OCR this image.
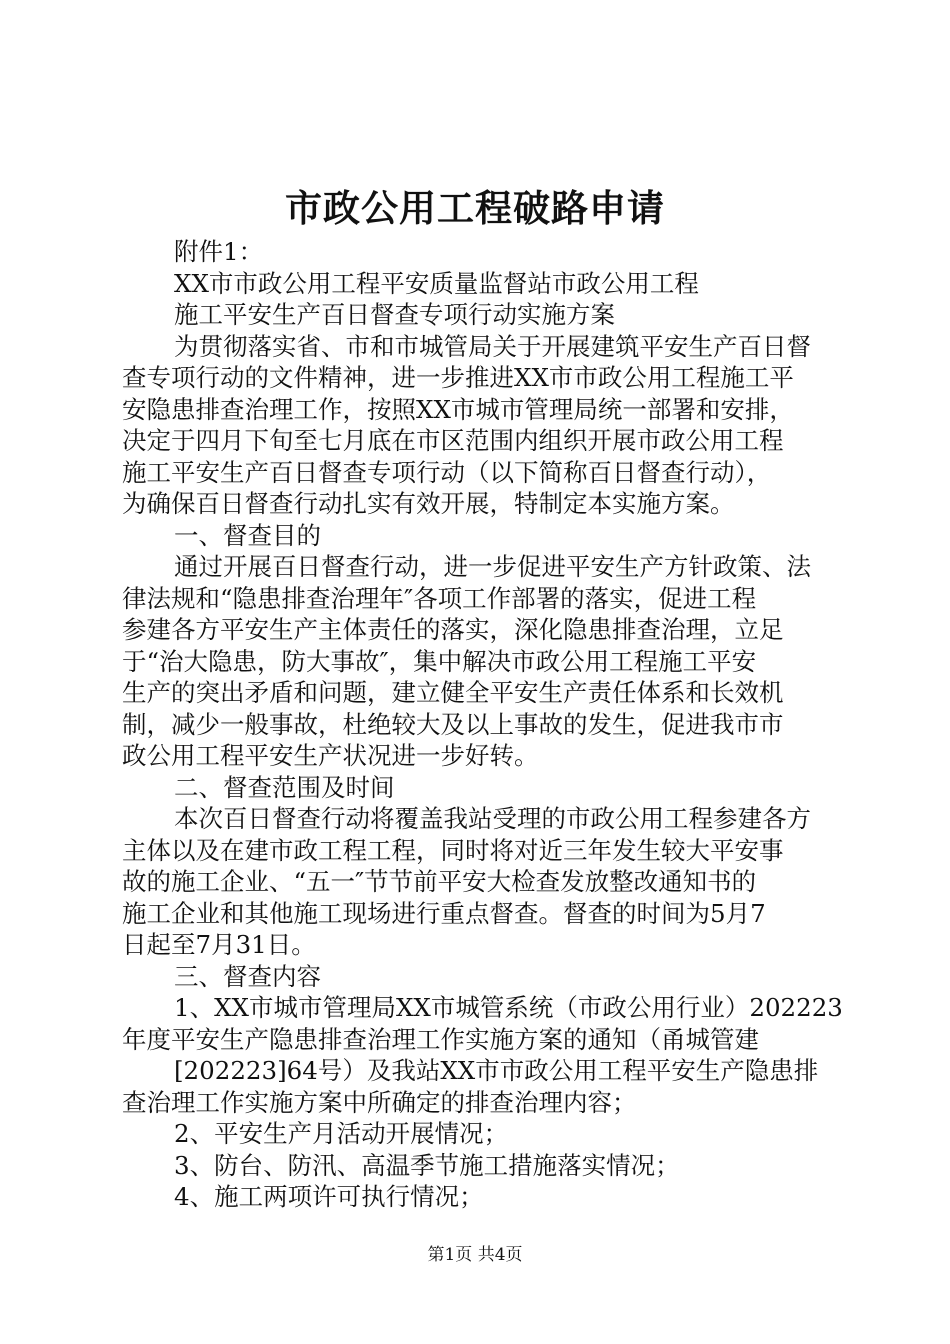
市政公用工程破路申请
附件1：
XX市市政公用工程平安质量监督站市政公用工程
施工平安生产百日督查专项行动实施方案
为贯彻落实省、市和市城管局关于开展建筑平安生产百日督
查专项行动的文件精神，进一步推进XX市市政公用工程施工平
安隐患排查治理工作，按照XX市城市管理局统一部署和安排，
决定于四月下旬至七月底在市区范围内组织开展市政公用工程
施工平安生产百日督查专项行动（以下简称百日督查行动），
为确保百日督查行动扎实有效开展，特制定本实施方案。
一、督查目的
通过开展百日督查行动，进一步促进平安生产方针政策、法
律法规和“隐患排查治理年″各项工作部署的落实，促进工程
参建各方平安生产主体责任的落实，深化隐患排查治理，立足
于“治大隐患，防大事故″，集中解决市政公用工程施工平安
生产的突出矛盾和问题，建立健全平安生产责任体系和长效机
制，减少一般事故，杜绝较大及以上事故的发生，促进我市市
政公用工程平安生产状况进一步好转。
二、督查范围及时间
本次百日督查行动将覆盖我站受理的市政公用工程参建各方
主体以及在建市政工程工程，同时将对近三年发生较大平安事
故的施工企业、“五一″节节前平安大检查发放整改通知书的
施工企业和其他施工现场进行重点督查。督查的时间为5月7
日起至7月31日。
三、督查内容
1、XX市城市管理局XX市城管系统（市政公用行业）202223
年度平安生产隐患排查治理工作实施方案的通知（甬城管建
[202223]64号）及我站XX市市政公用工程平安生产隐患排
查治理工作实施方案中所确定的排查治理内容；
2、平安生产月活动开展情况；
3、防台、防汛、高温季节施工措施落实情况；
4、施工两项许可执行情况；
第1页 共4页
